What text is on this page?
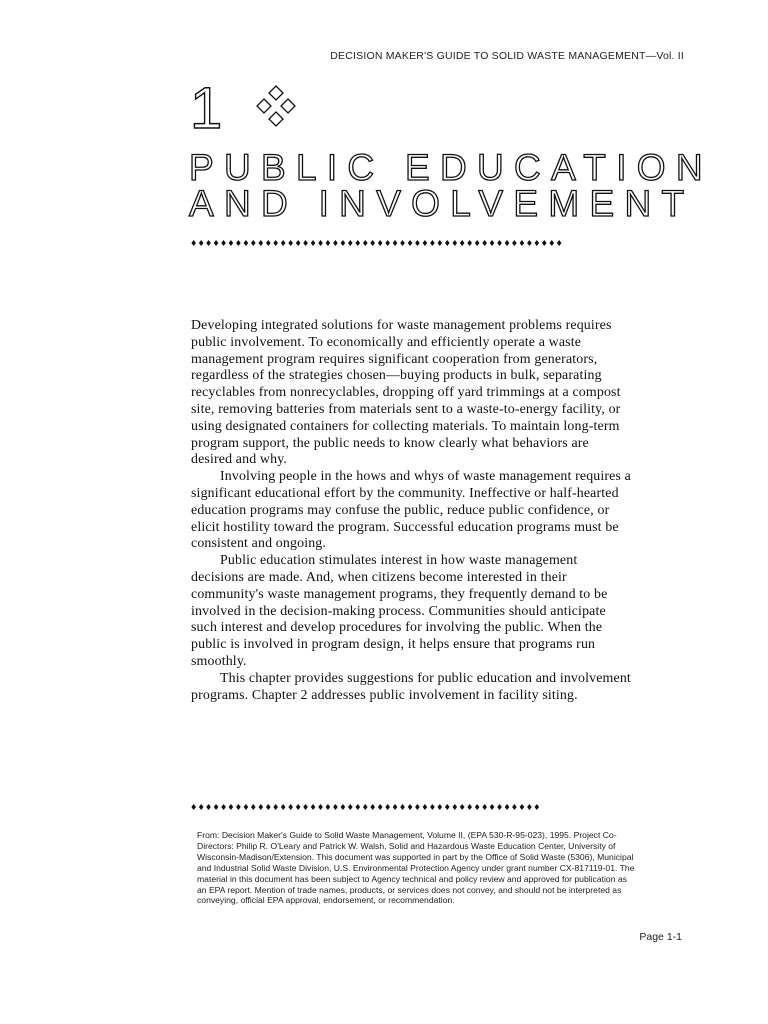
DECISION MAKER'S GUIDE TO SOLID WASTE MANAGEMENT—Vol. II
1
PUBLIC EDUCATION
AND INVOLVEMENT
♦♦♦♦♦♦♦♦♦♦♦♦♦♦♦♦♦♦♦♦♦♦♦♦♦♦♦♦♦♦♦♦♦♦♦♦♦♦♦♦♦♦♦♦♦♦♦♦♦♦

Developing integrated solutions for waste management problems requires public involvement. To economically and efficiently operate a waste management program requires significant cooperation from generators, regardless of the strategies chosen—buying products in bulk, separating recyclables from nonrecyclables, dropping off yard trimmings at a compost site, removing batteries from materials sent to a waste-to-energy facility, or using designated containers for collecting materials. To maintain long-term program support, the public needs to know clearly what behaviors are desired and why.

Involving people in the hows and whys of waste management requires a significant educational effort by the community. Ineffective or half-hearted education programs may confuse the public, reduce public confidence, or elicit hostility toward the program. Successful education programs must be consistent and ongoing.

Public education stimulates interest in how waste management decisions are made. And, when citizens become interested in their community's waste management programs, they frequently demand to be involved in the decision-making process. Communities should anticipate such interest and develop procedures for involving the public. When the public is involved in program design, it helps ensure that programs run smoothly.

This chapter provides suggestions for public education and involvement programs. Chapter 2 addresses public involvement in facility siting.

♦♦♦♦♦♦♦♦♦♦♦♦♦♦♦♦♦♦♦♦♦♦♦♦♦♦♦♦♦♦♦♦♦♦♦♦♦♦♦♦♦♦♦♦♦♦♦
From: Decision Maker's Guide to Solid Waste Management, Volume II, (EPA 530-R-95-023), 1995. Project Co-Directors: Philip R. O'Leary and Patrick W. Walsh, Solid and Hazardous Waste Education Center, University of Wisconsin-Madison/Extension. This document was supported in part by the Office of Solid Waste (5306), Municipal and Industrial Solid Waste Division, U.S. Environmental Protection Agency under grant number CX-817119-01. The material in this document has been subject to Agency technical and policy review and approved for publication as an EPA report. Mention of trade names, products, or services does not convey, and should not be interpreted as conveying, official EPA approval, endorsement, or recommendation.
Page 1-1
